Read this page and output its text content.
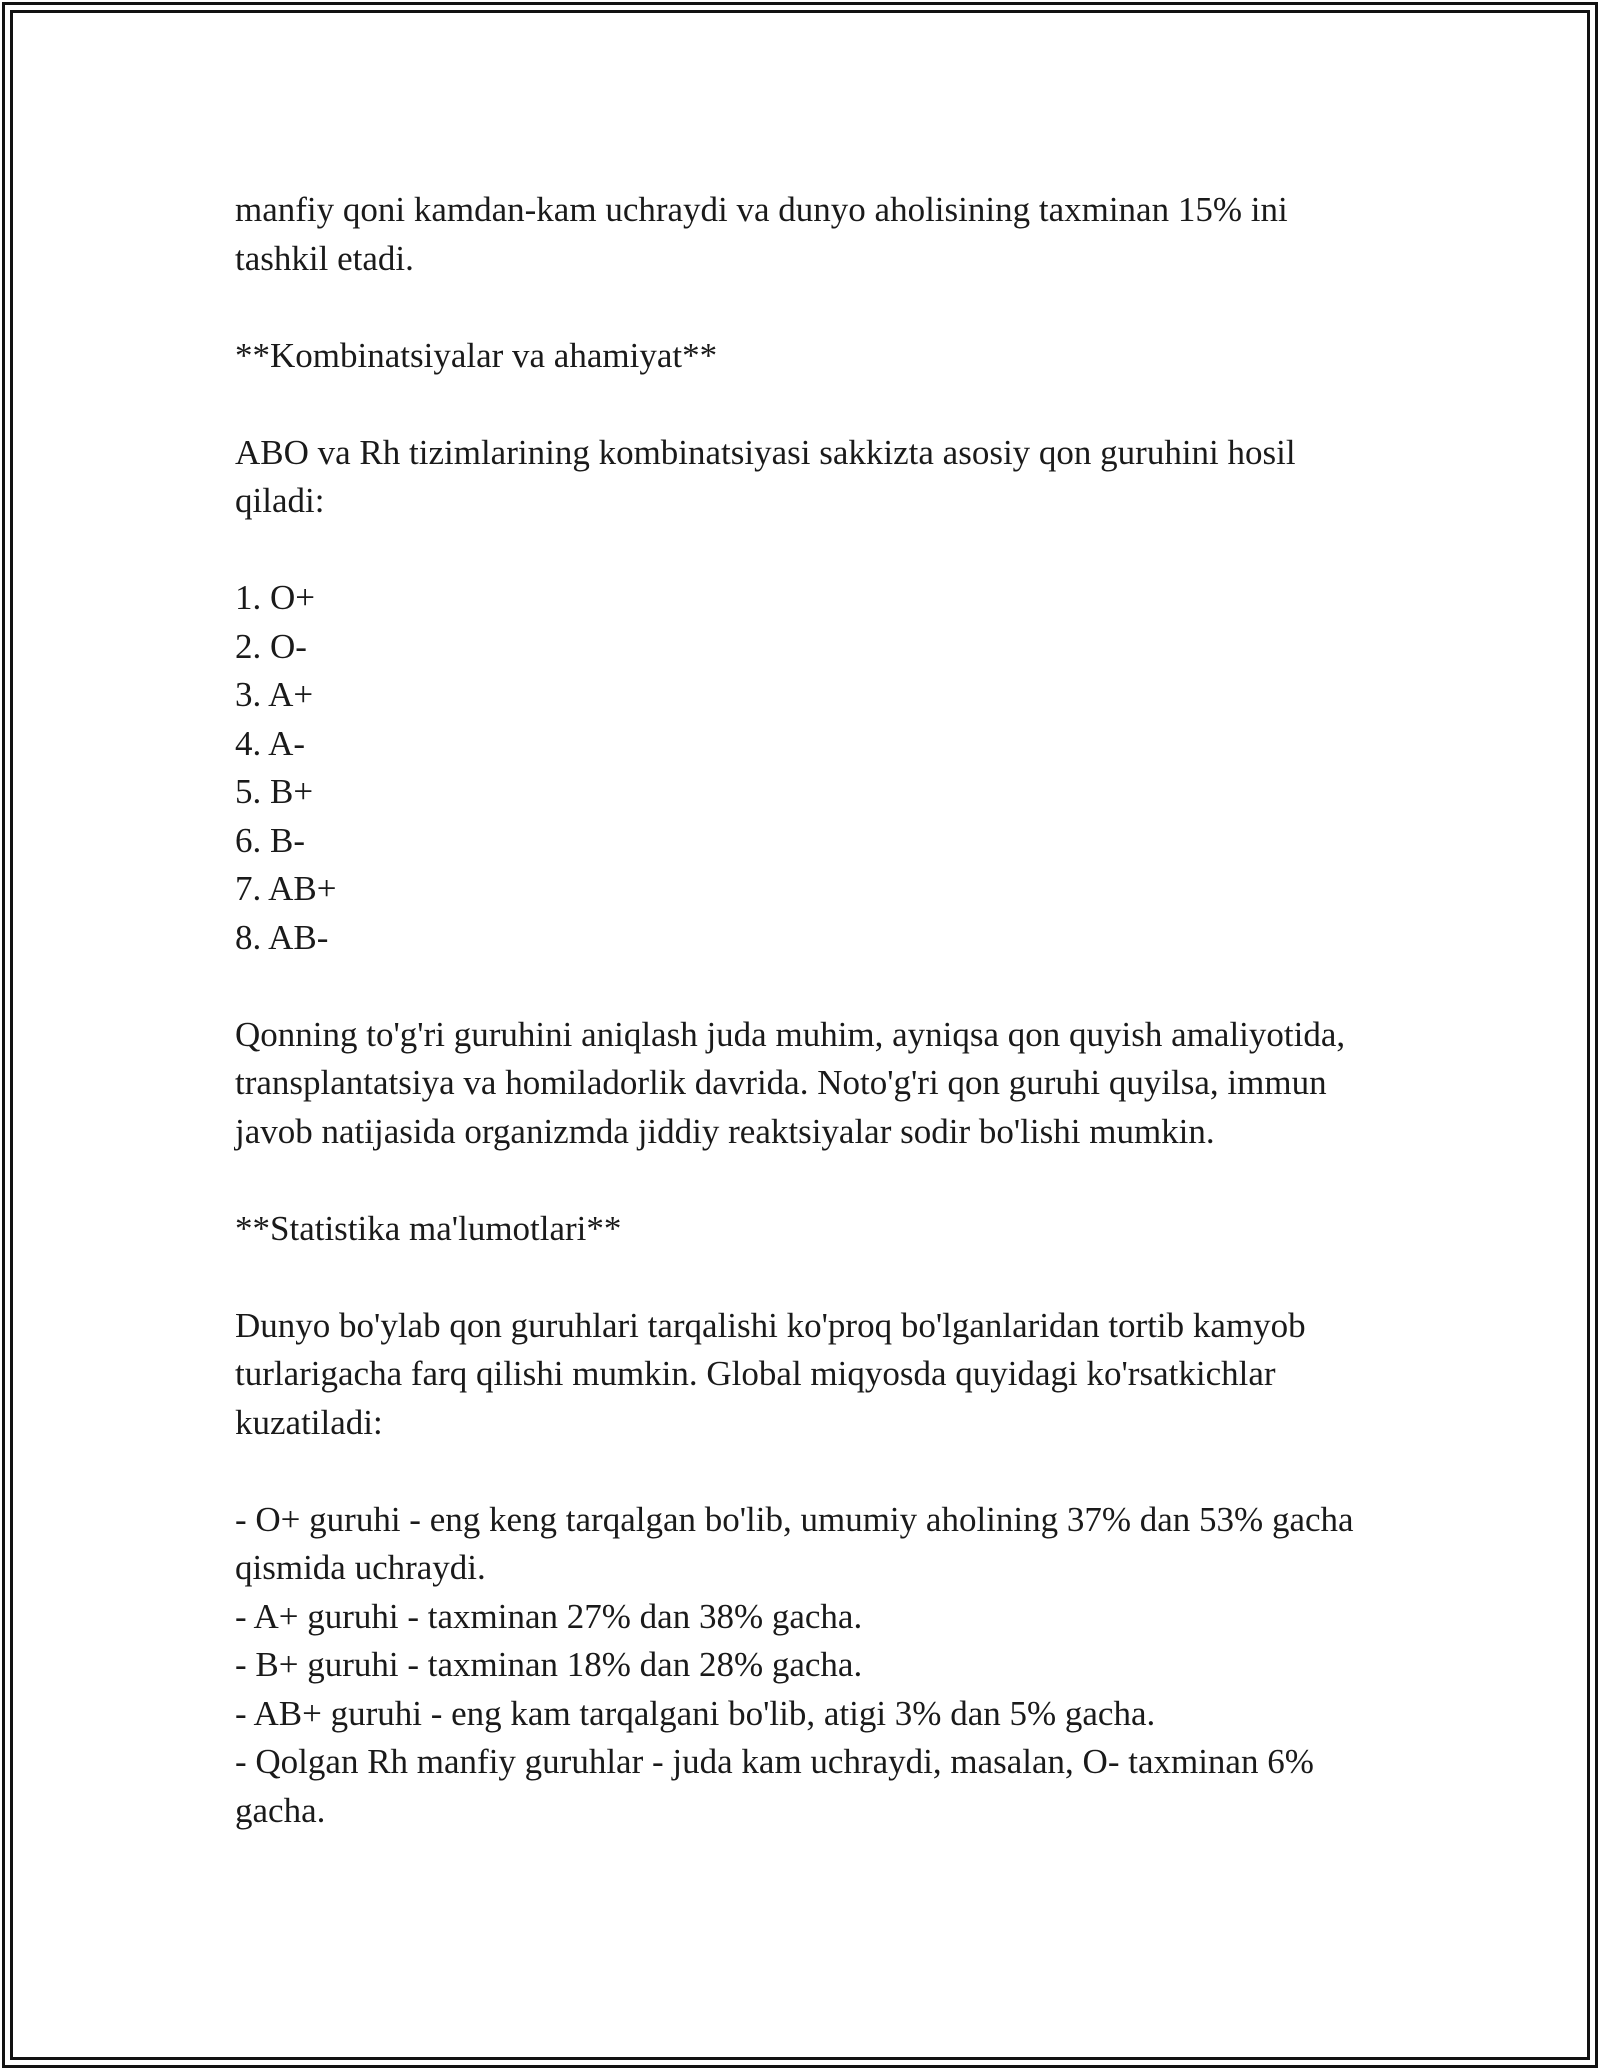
manfiy qoni kamdan-kam uchraydi va dunyo aholisining taxminan 15% ini tashkil etadi.

**Kombinatsiyalar va ahamiyat**

ABO va Rh tizimlarining kombinatsiyasi sakkizta asosiy qon guruhini hosil qiladi:

1. O+

2. O-

3. A+

4. A-

5. B+

6. B-

7. AB+

8. AB-

Qonning to'g'ri guruhini aniqlash juda muhim, ayniqsa qon quyish amaliyotida, transplantatsiya va homiladorlik davrida. Noto'g'ri qon guruhi quyilsa, immun javob natijasida organizmda jiddiy reaktsiyalar sodir bo'lishi mumkin.

**Statistika ma'lumotlari**

Dunyo bo'ylab qon guruhlari tarqalishi ko'proq bo'lganlaridan tortib kamyob turlarigacha farq qilishi mumkin. Global miqyosda quyidagi ko'rsatkichlar kuzatiladi:

- O+ guruhi - eng keng tarqalgan bo'lib, umumiy aholining 37% dan 53% gacha qismida uchraydi.

- A+ guruhi - taxminan 27% dan 38% gacha.

- B+ guruhi - taxminan 18% dan 28% gacha.

- AB+ guruhi - eng kam tarqalgani bo'lib, atigi 3% dan 5% gacha.

- Qolgan Rh manfiy guruhlar - juda kam uchraydi, masalan, O- taxminan 6% gacha.
